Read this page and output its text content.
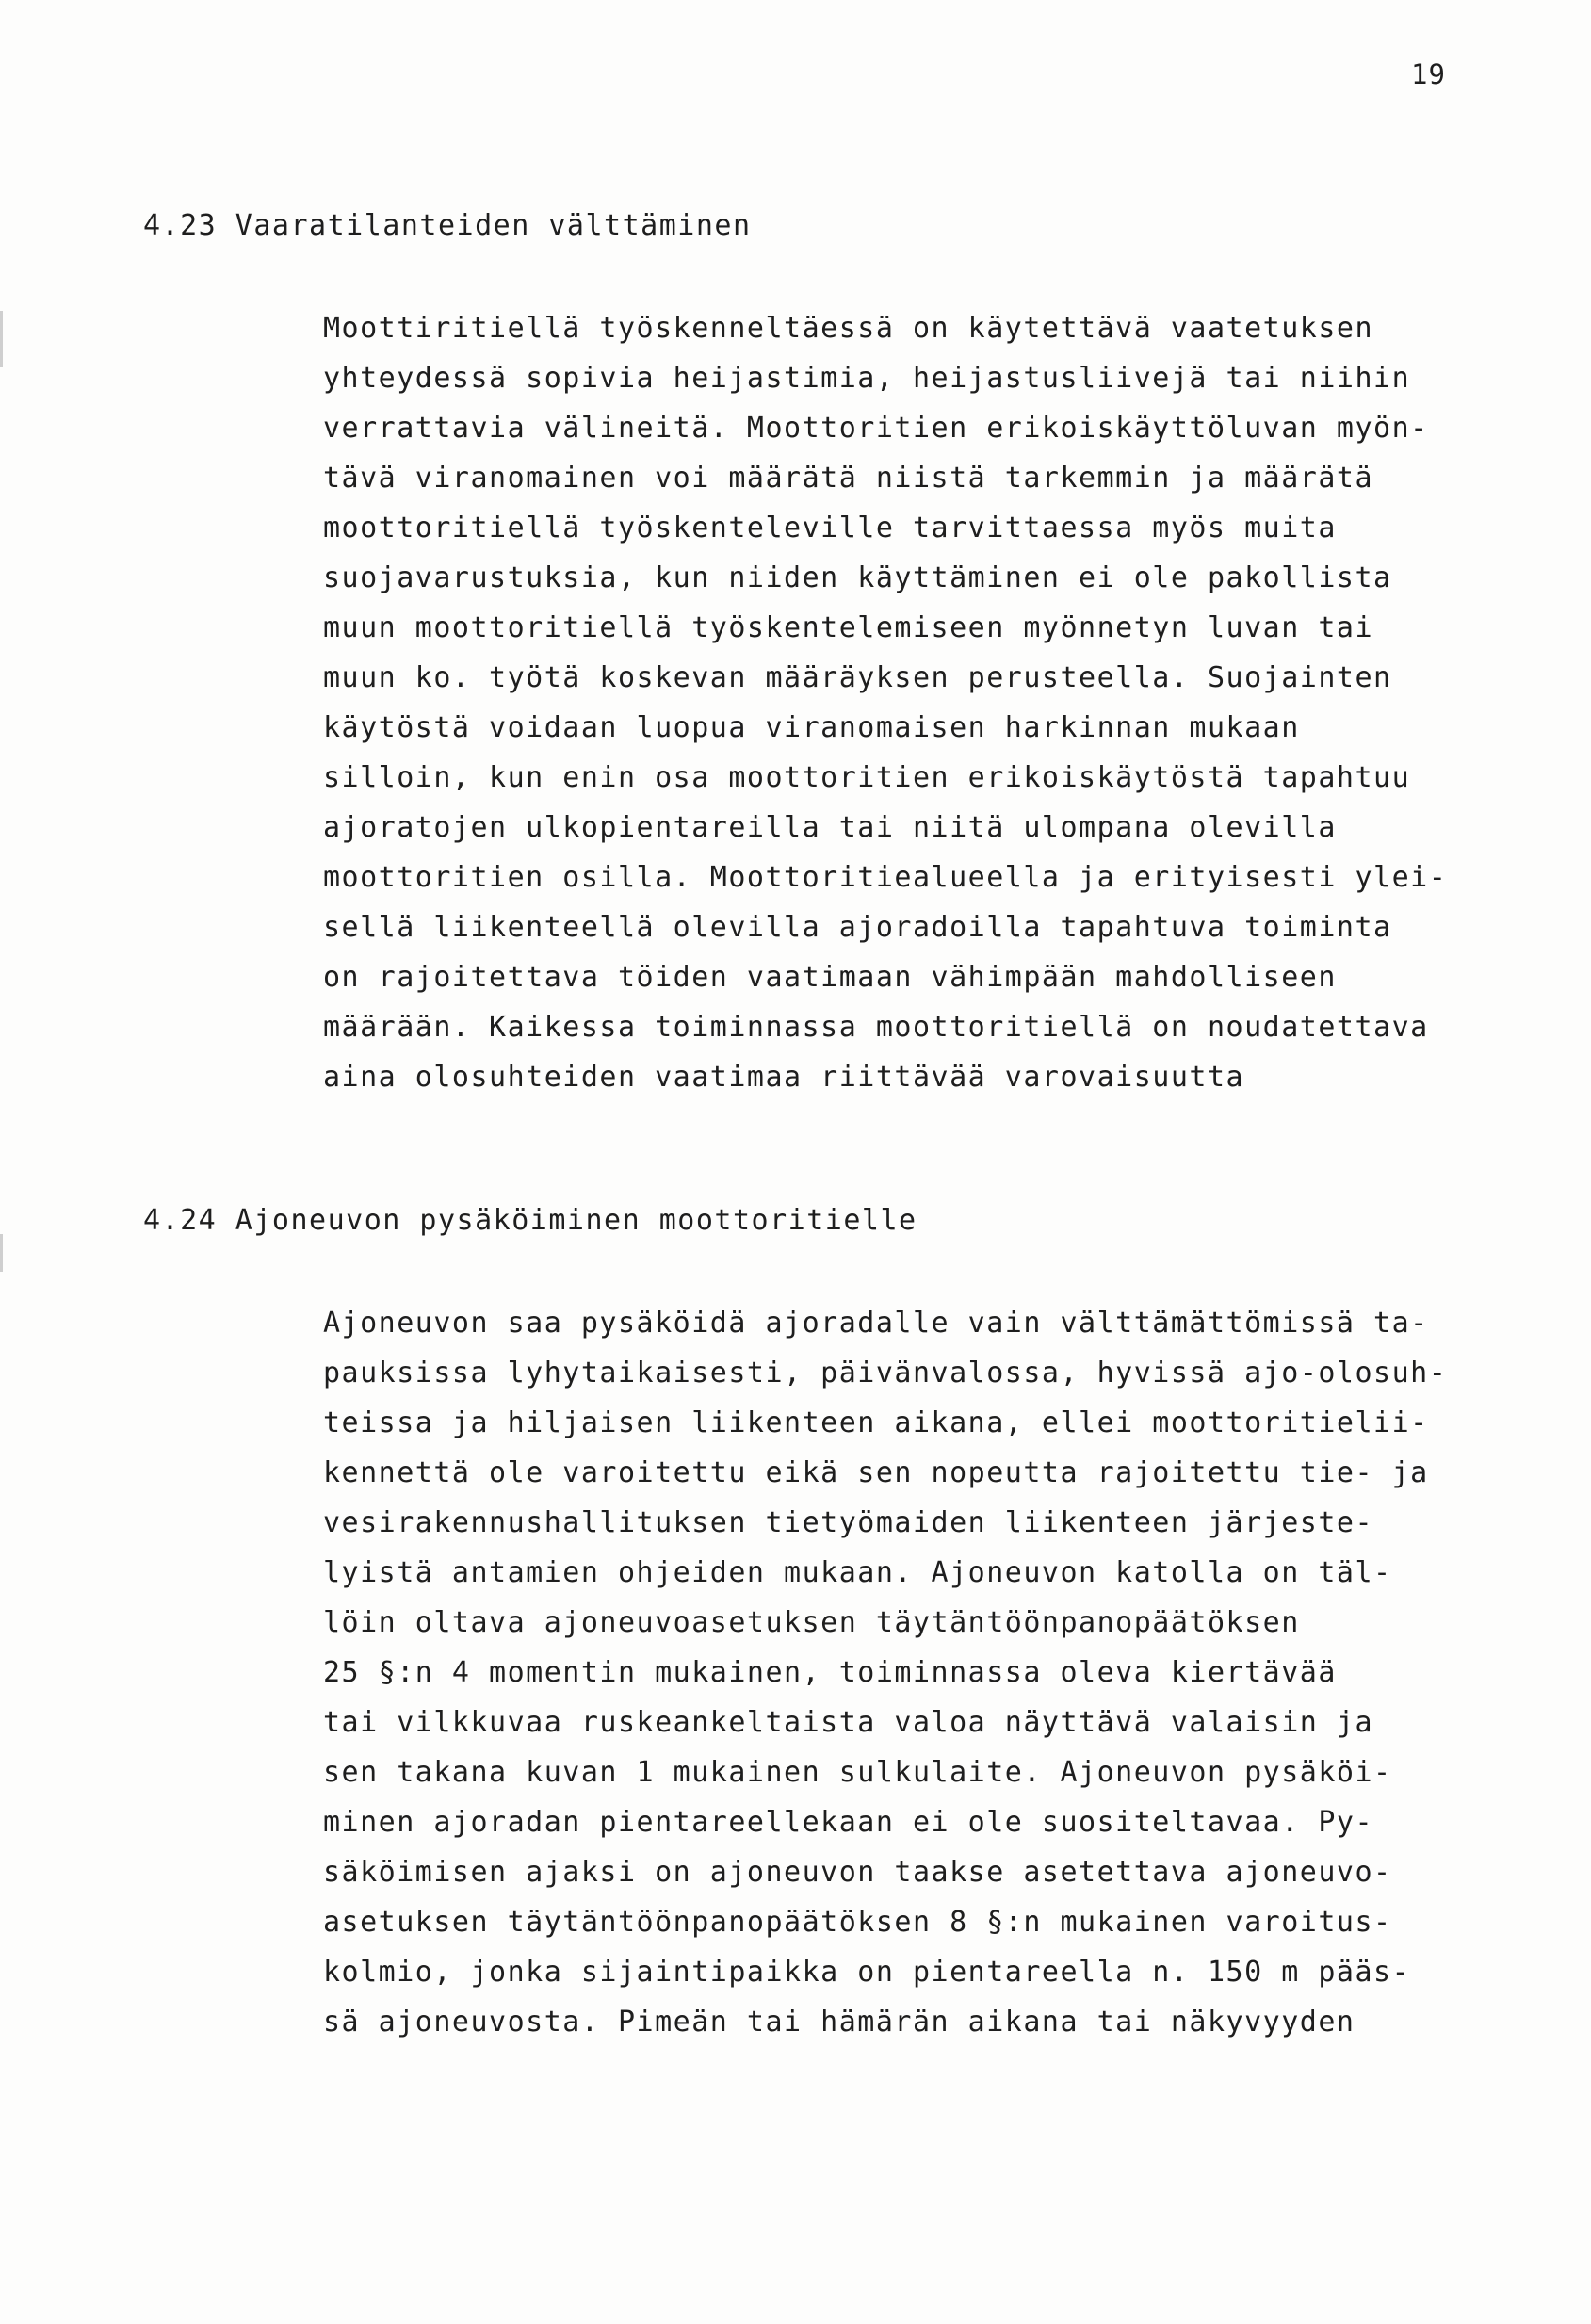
19
4.23 Vaaratilanteiden välttäminen
Moottiritiellä työskenneltäessä on käytettävä vaatetuksen
yhteydessä sopivia heijastimia, heijastusliivejä tai niihin
verrattavia välineitä. Moottoritien erikoiskäyttöluvan myön-
tävä viranomainen voi määrätä niistä tarkemmin ja määrätä
moottoritiellä työskenteleville tarvittaessa myös muita
suojavarustuksia, kun niiden käyttäminen ei ole pakollista
muun moottoritiellä työskentelemiseen myönnetyn luvan tai
muun ko. työtä koskevan määräyksen perusteella. Suojainten
käytöstä voidaan luopua viranomaisen harkinnan mukaan
silloin, kun enin osa moottoritien erikoiskäytöstä tapahtuu
ajoratojen ulkopientareilla tai niitä ulompana olevilla
moottoritien osilla. Moottoritiealueella ja erityisesti ylei-
sellä liikenteellä olevilla ajoradoilla tapahtuva toiminta
on rajoitettava töiden vaatimaan vähimpään mahdolliseen
määrään. Kaikessa toiminnassa moottoritiellä on noudatettava
aina olosuhteiden vaatimaa riittävää varovaisuutta
4.24 Ajoneuvon pysäköiminen moottoritielle
Ajoneuvon saa pysäköidä ajoradalle vain välttämättömissä ta-
pauksissa lyhytaikaisesti, päivänvalossa, hyvissä ajo-olosuh-
teissa ja hiljaisen liikenteen aikana, ellei moottoritielii-
kennettä ole varoitettu eikä sen nopeutta rajoitettu tie- ja
vesirakennushallituksen tietyömaiden liikenteen järjeste-
lyistä antamien ohjeiden mukaan. Ajoneuvon katolla on täl-
löin oltava ajoneuvoasetuksen täytäntöönpanopäätöksen
25 §:n 4 momentin mukainen, toiminnassa oleva kiertävää
tai vilkkuvaa ruskeankeltaista valoa näyttävä valaisin ja
sen takana kuvan 1 mukainen sulkulaite. Ajoneuvon pysäköi-
minen ajoradan pientareellekaan ei ole suositeltavaa. Py-
säköimisen ajaksi on ajoneuvon taakse asetettava ajoneuvo-
asetuksen täytäntöönpanopäätöksen 8 §:n mukainen varoitus-
kolmio, jonka sijaintipaikka on pientareella n. 150 m pääs-
sä ajoneuvosta. Pimeän tai hämärän aikana tai näkyvyyden
